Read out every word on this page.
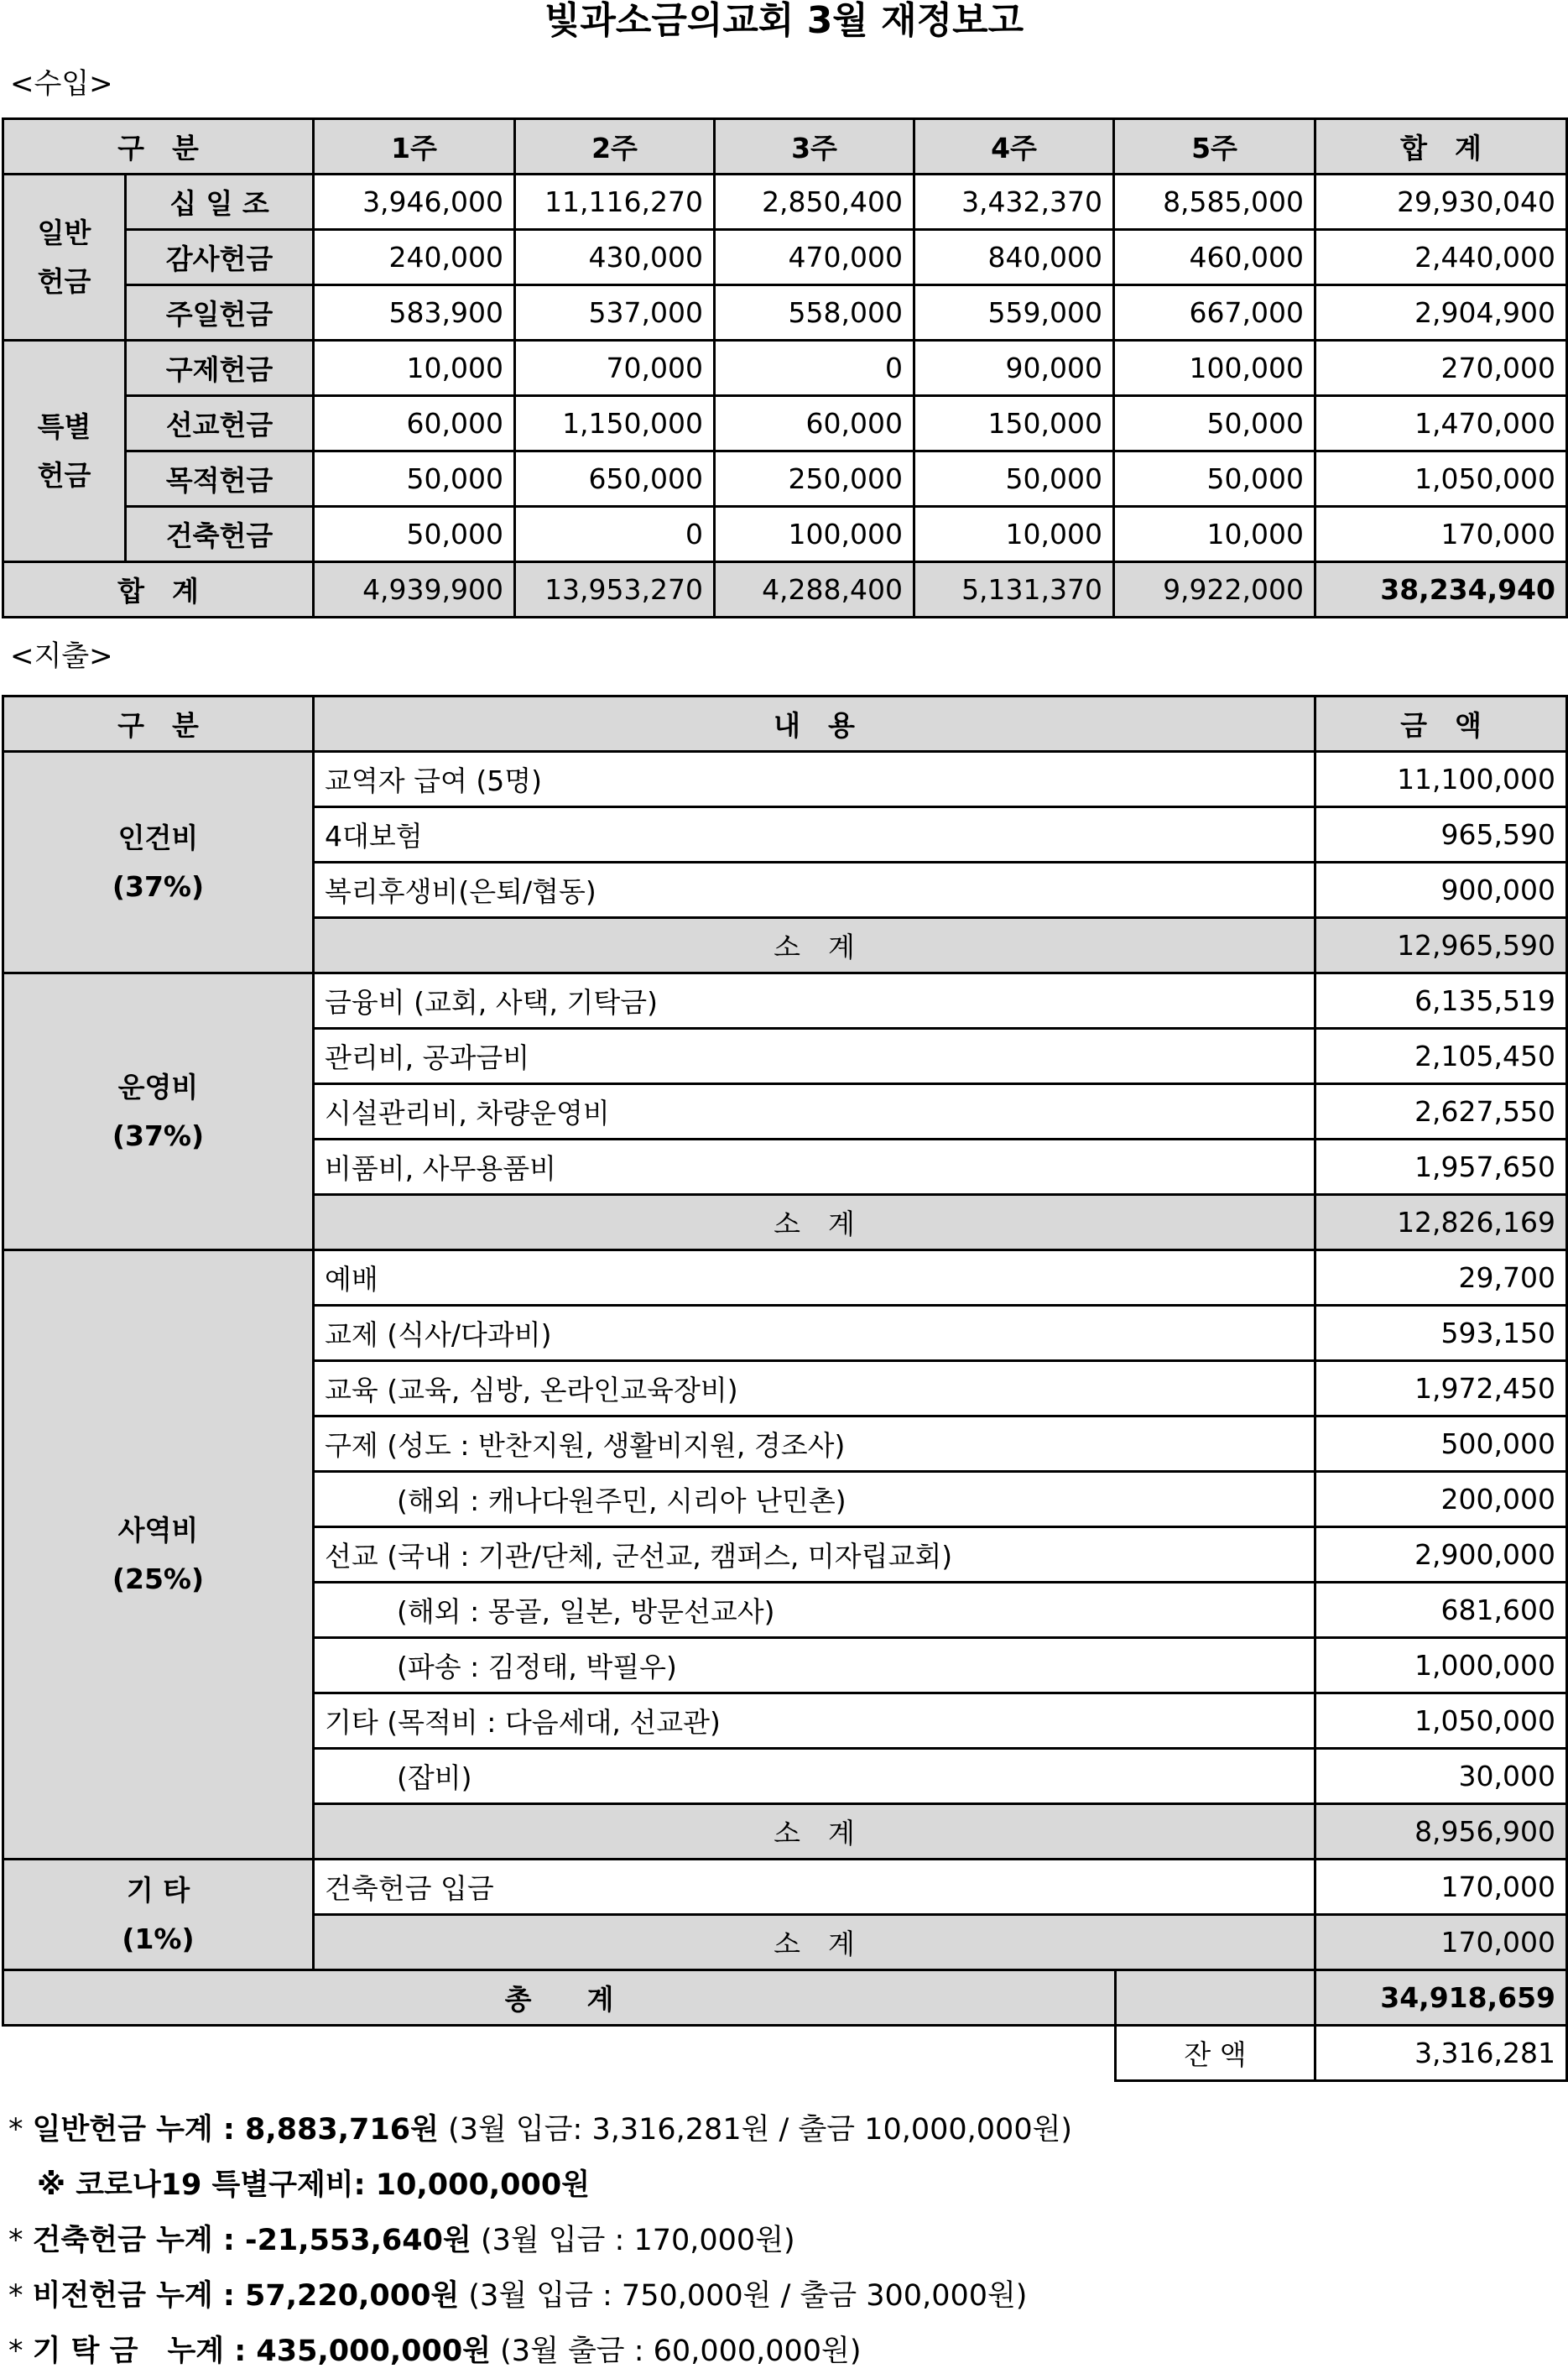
빛과소금의교회 3월 재정보고
<수입>
구　분		1주	2주	3주	4주	5주	합　계

일반
헌금	십 일 조	3,946,000	11,116,270	2,850,400	3,432,370	8,585,000	29,930,040
	감사헌금	240,000	430,000	470,000	840,000	460,000	2,440,000
	주일헌금	583,900	537,000	558,000	559,000	667,000	2,904,900

특별
헌금	구제헌금	10,000	70,000	0	90,000	100,000	270,000
	선교헌금	60,000	1,150,000	60,000	150,000	50,000	1,470,000
	목적헌금	50,000	650,000	250,000	50,000	50,000	1,050,000
	건축헌금	50,000	0	100,000	10,000	10,000	170,000
합　계		4,939,900	13,953,270	4,288,400	5,131,370	9,922,000	38,234,940
<지출>
구　분	내　용		금　액

인건비
(37%)	교역자 급여 (5명)		11,100,000
	4대보험		965,590
	복리후생비(은퇴/협동)		900,000
	소　계		12,965,590

운영비
(37%)	금융비 (교회, 사택, 기탁금)		6,135,519
	관리비, 공과금비		2,105,450
	시설관리비, 차량운영비		2,627,550
	비품비, 사무용품비		1,957,650
	소　계		12,826,169

사역비
(25%)	예배		29,700
	교제 (식사/다과비)		593,150
	교육 (교육, 심방, 온라인교육장비)		1,972,450
	구제 (성도 : 반찬지원, 생활비지원, 경조사)		500,000
	(해외 : 캐나다원주민, 시리아 난민촌)		200,000
	선교 (국내 : 기관/단체, 군선교, 캠퍼스, 미자립교회)		2,900,000
	(해외 : 몽골, 일본, 방문선교사)		681,600
	(파송 : 김정태, 박필우)		1,000,000
	기타 (목적비 : 다음세대, 선교관)		1,050,000
	(잡비)		30,000
	소　계		8,956,900

기 타
(1%)	건축헌금 입금		170,000
	소　계		170,000
총　　계			34,918,659
		잔 액	3,316,281
* 일반헌금 누계 : 8,883,716원 (3월 입금: 3,316,281원 / 출금 10,000,000원)
※ 코로나19 특별구제비: 10,000,000원
* 건축헌금 누계 : -21,553,640원 (3월 입금 : 170,000원)
* 비전헌금 누계 : 57,220,000원 (3월 입금 : 750,000원 / 출금 300,000원)
* 기 탁 금　누계 : 435,000,000원 (3월 출금 : 60,000,000원)
